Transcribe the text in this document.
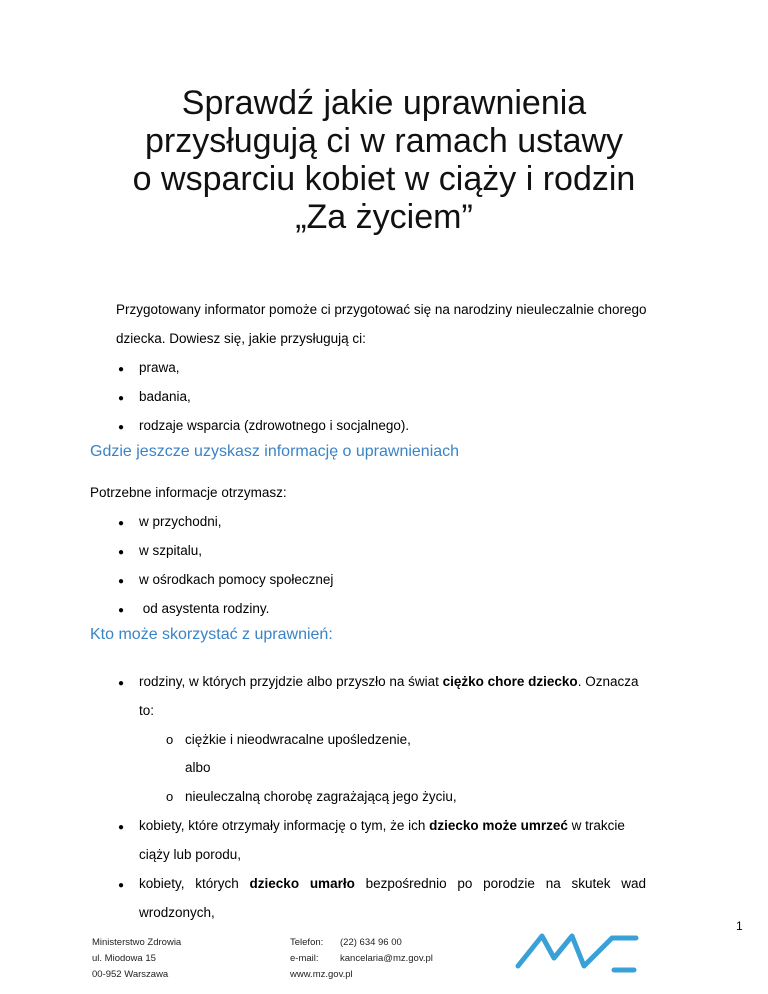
Sprawdź jakie uprawnienia
przysługują ci w ramach ustawy
o wsparciu kobiet w ciąży i rodzin
„Za życiem”
Przygotowany informator pomoże ci przygotować się na narodziny nieuleczalnie chorego
dziecka. Dowiesz się, jakie przysługują ci:
● prawa,
● badania,
● rodzaje wsparcia (zdrowotnego i socjalnego).
Gdzie jeszcze uzyskasz informację o uprawnieniach
Potrzebne informacje otrzymasz:
● w przychodni,
● w szpitalu,
● w ośrodkach pomocy społecznej
● od asystenta rodziny.
Kto może skorzystać z uprawnień:
● rodziny, w których przyjdzie albo przyszło na świat ciężko chore dziecko. Oznacza
to:
o ciężkie i nieodwracalne upośledzenie,
albo
o nieuleczalną chorobę zagrażającą jego życiu,
● kobiety, które otrzymały informację o tym, że ich dziecko może umrzeć w trakcie
ciąży lub porodu,
● kobiety, których dziecko umarło bezpośrednio po porodzie na skutek wad
wrodzonych,
1
Ministerstwo Zdrowia
ul. Miodowa 15
00-952 Warszawa
Telefon:
e-mail:
www.mz.gov.pl
(22) 634 96 00
kancelaria@mz.gov.pl
